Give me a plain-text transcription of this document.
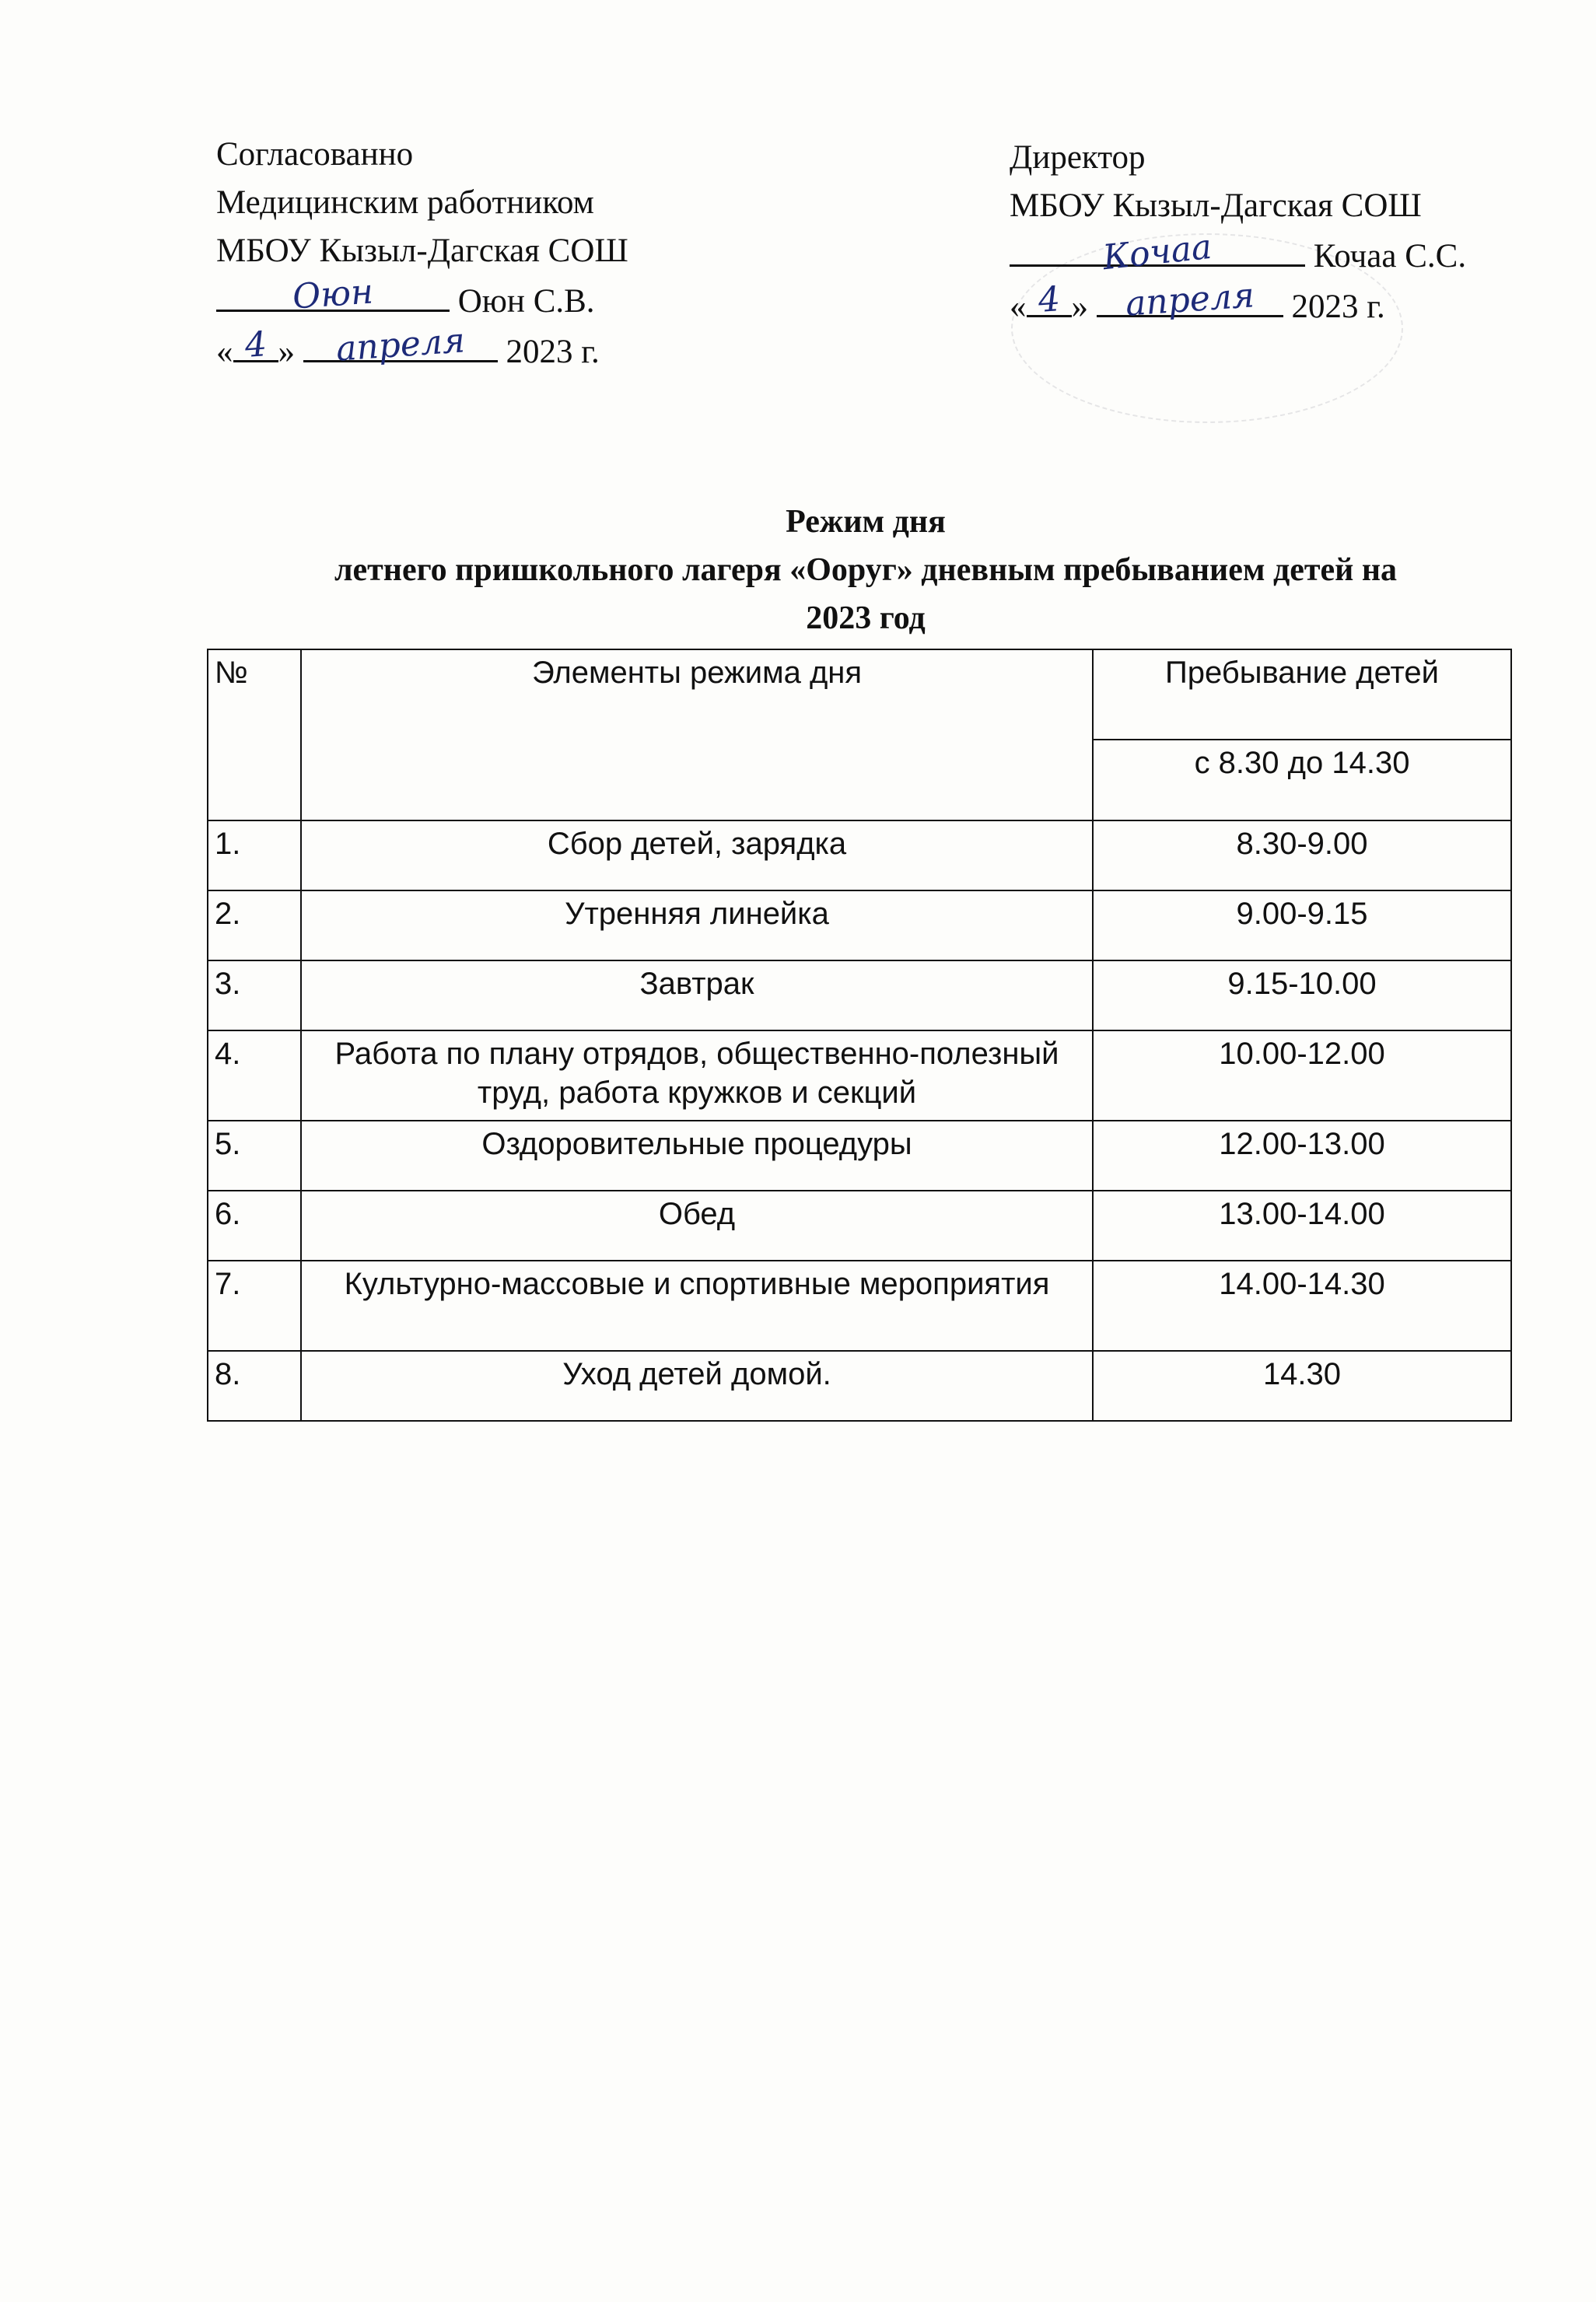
Согласованно
Медицинским работником
МБОУ Кызыл-Дагская СОШ
Оюн Оюн С.В.
« 4 » апреля 2023 г.
Директор
МБОУ Кызыл-Дагская СОШ
Кочаа	Кочаа С.С.
« 4 » апреля 2023 г.
Режим дня
летнего пришкольного лагеря «Ооруг» дневным пребыванием детей на
2023 год
№	Элементы режима дня	Пребывание детей
		с 8.30 до 14.30
1.	Сбор детей, зарядка	8.30-9.00
2.	Утренняя линейка	9.00-9.15
3.	Завтрак	9.15-10.00
4.	Работа по плану отрядов, общественно-полезный труд, работа кружков и секций	10.00-12.00
5.	Оздоровительные процедуры	12.00-13.00
6.	Обед	13.00-14.00
7.	Культурно-массовые и спортивные мероприятия	14.00-14.30
8.	Уход детей домой.	14.30
